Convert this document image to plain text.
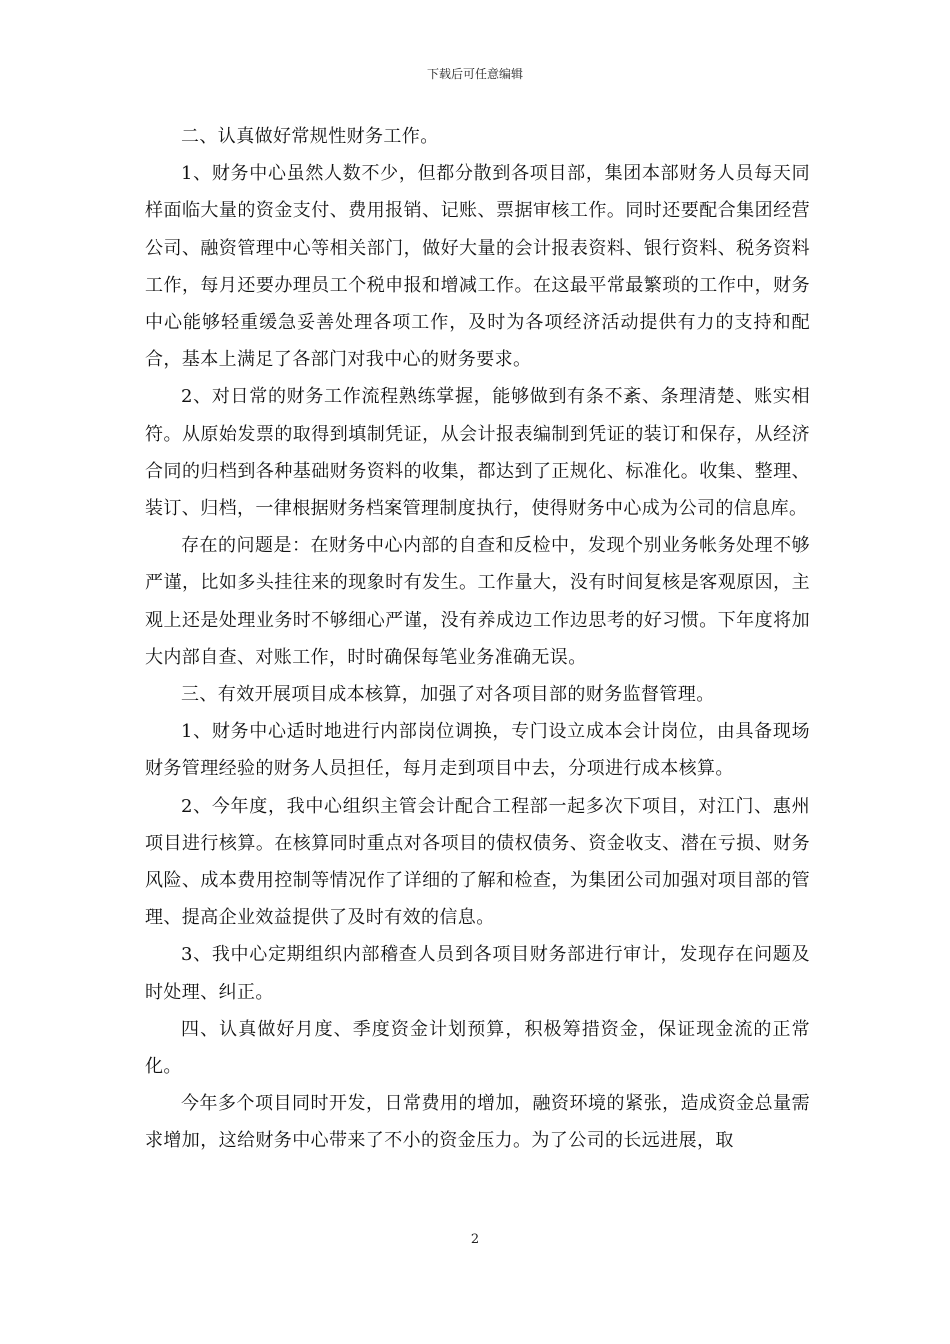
下载后可任意编辑

二、认真做好常规性财务工作。

1、财务中心虽然人数不少，但都分散到各项目部，集团本部财务人员每天同样面临大量的资金支付、费用报销、记账、票据审核工作。同时还要配合集团经营公司、融资管理中心等相关部门，做好大量的会计报表资料、银行资料、税务资料工作，每月还要办理员工个税申报和增减工作。在这最平常最繁琐的工作中，财务中心能够轻重缓急妥善处理各项工作，及时为各项经济活动提供有力的支持和配合，基本上满足了各部门对我中心的财务要求。

2、对日常的财务工作流程熟练掌握，能够做到有条不紊、条理清楚、账实相符。从原始发票的取得到填制凭证，从会计报表编制到凭证的装订和保存，从经济合同的归档到各种基础财务资料的收集，都达到了正规化、标准化。收集、整理、装订、归档，一律根据财务档案管理制度执行，使得财务中心成为公司的信息库。

存在的问题是：在财务中心内部的自查和反检中，发现个别业务帐务处理不够严谨，比如多头挂往来的现象时有发生。工作量大，没有时间复核是客观原因，主观上还是处理业务时不够细心严谨，没有养成边工作边思考的好习惯。下年度将加大内部自查、对账工作，时时确保每笔业务准确无误。

三、有效开展项目成本核算，加强了对各项目部的财务监督管理。

1、财务中心适时地进行内部岗位调换，专门设立成本会计岗位，由具备现场财务管理经验的财务人员担任，每月走到项目中去，分项进行成本核算。

2、今年度，我中心组织主管会计配合工程部一起多次下项目，对江门、惠州项目进行核算。在核算同时重点对各项目的债权债务、资金收支、潜在亏损、财务风险、成本费用控制等情况作了详细的了解和检查，为集团公司加强对项目部的管理、提高企业效益提供了及时有效的信息。

3、我中心定期组织内部稽查人员到各项目财务部进行审计，发现存在问题及时处理、纠正。

四、认真做好月度、季度资金计划预算，积极筹措资金，保证现金流的正常化。

今年多个项目同时开发，日常费用的增加，融资环境的紧张，造成资金总量需求增加，这给财务中心带来了不小的资金压力。为了公司的长远进展，取

2
